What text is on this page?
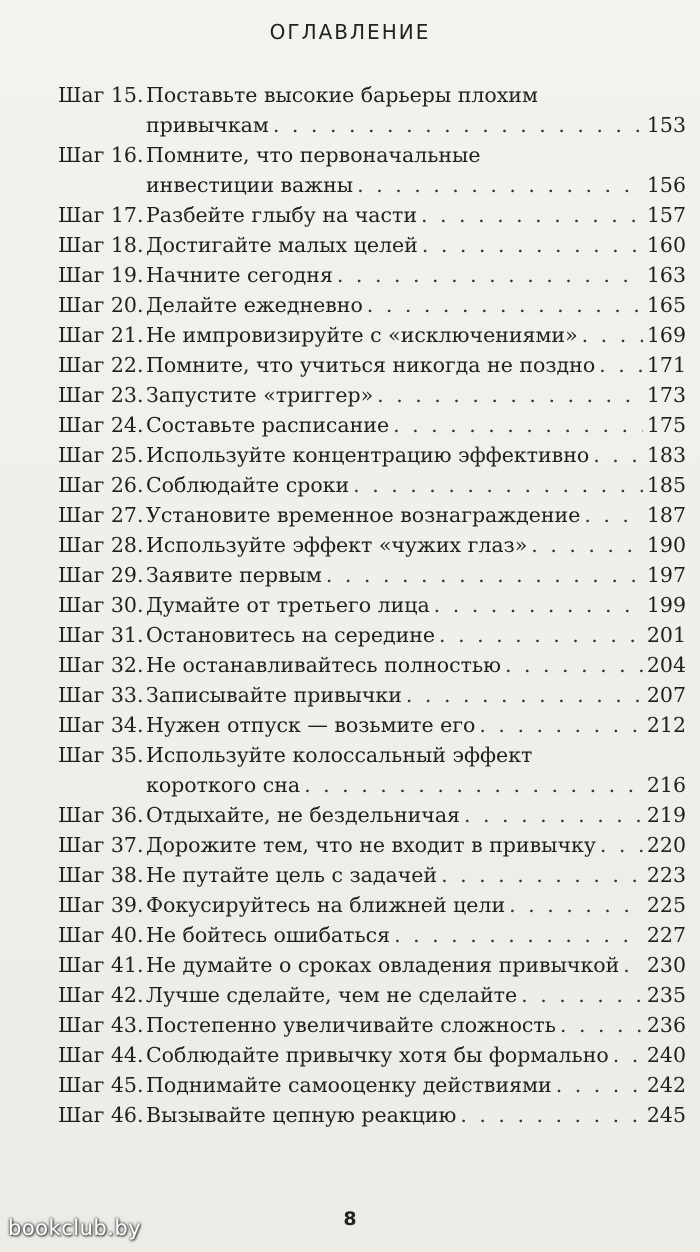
ОГЛАВЛЕНИЕ
Шаг 15. Поставьте высокие барьеры плохим
привычкам . . .	153
Шаг 16. Помните, что первоначальные
инвестиции важны . . .	156
Шаг 17. Разбейте глыбу на части . . .	157
Шаг 18. Достигайте малых целей . . .	160
Шаг 19. Начните сегодня . . .	163
Шаг 20. Делайте ежедневно . . .	165
Шаг 21. Не импровизируйте с «исключениями» . . .	169
Шаг 22. Помните, что учиться никогда не поздно . . .	171
Шаг 23. Запустите «триггер» . . .	173
Шаг 24. Составьте расписание . . .	175
Шаг 25. Используйте концентрацию эффективно . . .	183
Шаг 26. Соблюдайте сроки . . .	185
Шаг 27. Установите временное вознаграждение . . .	187
Шаг 28. Используйте эффект «чужих глаз» . . .	190
Шаг 29. Заявите первым . . .	197
Шаг 30. Думайте от третьего лица . . .	199
Шаг 31. Остановитесь на середине . . .	201
Шаг 32. Не останавливайтесь полностью . . .	204
Шаг 33. Записывайте привычки . . .	207
Шаг 34. Нужен отпуск — возьмите его . . .	212
Шаг 35. Используйте колоссальный эффект
короткого сна . . .	216
Шаг 36. Отдыхайте, не бездельничая . . .	219
Шаг 37. Дорожите тем, что не входит в привычку . . . 220
Шаг 38. Не путайте цель с задачей . . .	223
Шаг 39. Фокусируйтесь на ближней цели . . .	225
Шаг 40. Не бойтесь ошибаться . . .	227
Шаг 41. Не думайте о сроках овладения привычкой . . . 230
Шаг 42. Лучше сделайте, чем не сделайте . . .	235
Шаг 43. Постепенно увеличивайте сложность . . .	236
Шаг 44. Соблюдайте привычку хотя бы формально . . . 240
Шаг 45. Поднимайте самооценку действиями . . .	242
Шаг 46. Вызывайте цепную реакцию . . .	245
8
bookclub.by
